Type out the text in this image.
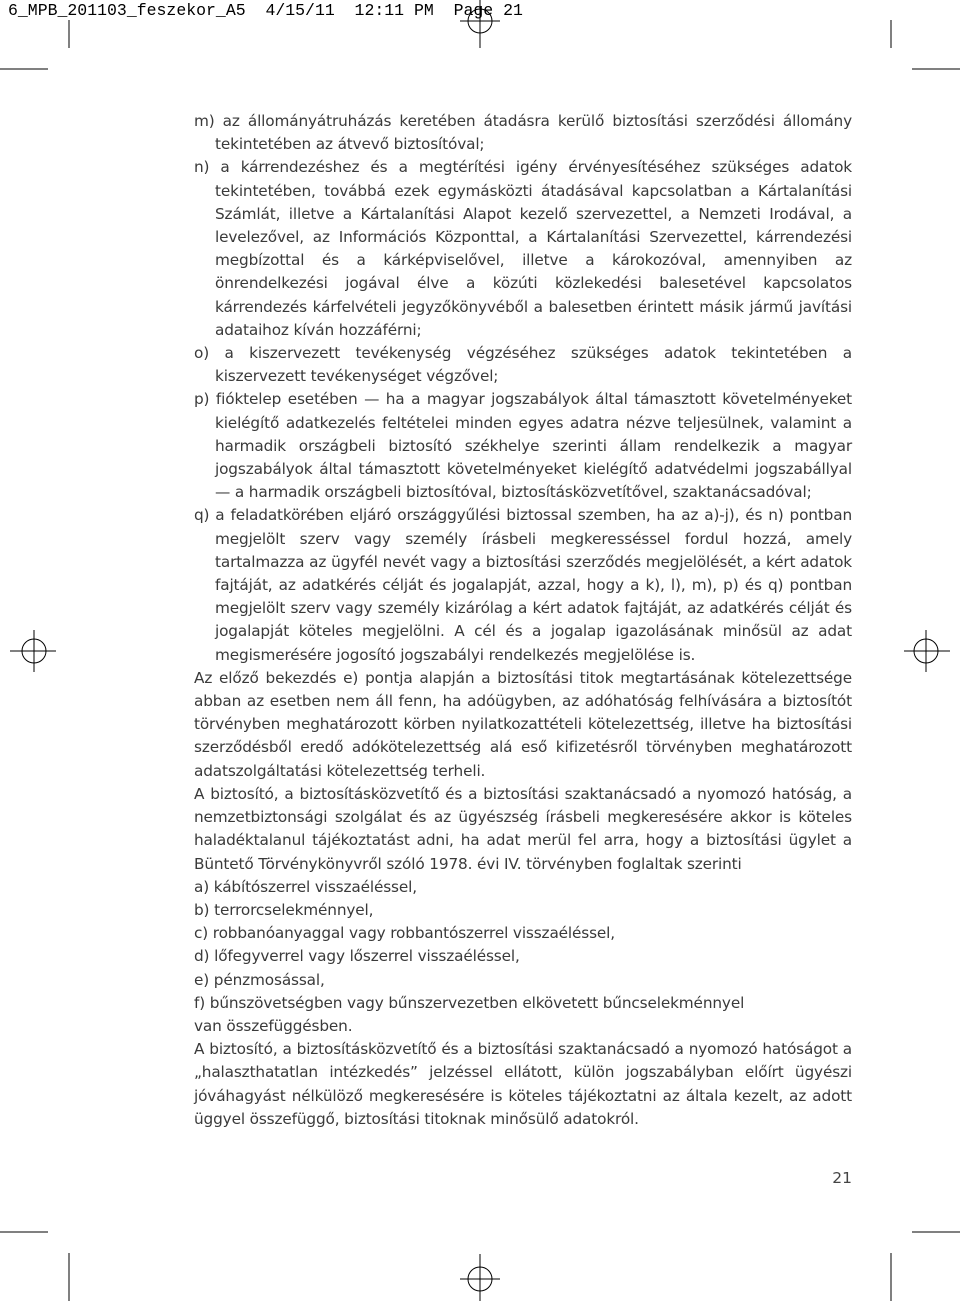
6_MPB_201103_feszekor_A5  4/15/11  12:11 PM  Page 21

m) az állományátruházás keretében átadásra kerülő biztosítási szerződési állomány tekintetében az átvevő biztosítóval;

n) a kárrendezéshez és a megtérítési igény érvényesítéséhez szükséges adatok tekintetében, továbbá ezek egymásközti átadásával kapcsolatban a Kártalanítási Számlát, illetve a Kártalanítási Alapot kezelő szervezettel, a Nemzeti Irodával, a levelezővel, az Információs Központtal, a Kártalanítási Szervezettel, kárrendezési megbízottal és a kárképviselővel, illetve a károkozóval, amennyiben az önrendelkezési jogával élve a közúti közlekedési balesetével kapcsolatos kárrendezés kárfelvételi jegyzőkönyvéből a balesetben érintett másik jármű javítási adataihoz kíván hozzáférni;

o) a kiszervezett tevékenység végzéséhez szükséges adatok tekintetében a kiszervezett tevékenységet végzővel;

p) fióktelep esetében — ha a magyar jogszabályok által támasztott követelményeket kielégítő adatkezelés feltételei minden egyes adatra nézve teljesülnek, valamint a harmadik országbeli biztosító székhelye szerinti állam rendelkezik a magyar jogszabályok által támasztott követelményeket kielégítő adatvédelmi jogszabállyal — a harmadik országbeli biztosítóval, biztosításközvetítővel, szaktanácsadóval;

q) a feladatkörében eljáró országgyűlési biztossal szemben, ha az a)-j), és n) pontban megjelölt szerv vagy személy írásbeli megkeresséssel fordul hozzá, amely tartalmazza az ügyfél nevét vagy a biztosítási szerződés megjelölését, a kért adatok fajtáját, az adatkérés célját és jogalapját, azzal, hogy a k), l), m), p) és q) pontban megjelölt szerv vagy személy kizárólag a kért adatok fajtáját, az adatkérés célját és jogalapját köteles megjelölni. A cél és a jogalap igazolásának minősül az adat megismerésére jogosító jogszabályi rendelkezés megjelölése is.

Az előző bekezdés e) pontja alapján a biztosítási titok megtartásának kötelezettsége abban az esetben nem áll fenn, ha adóügyben, az adóhatóság felhívására a biztosítót törvényben meghatározott körben nyilatkozattételi kötelezettség, illetve ha biztosítási szerződésből eredő adókötelezettség alá eső kifizetésről törvényben meghatározott adatszolgáltatási kötelezettség terheli.

A biztosító, a biztosításközvetítő és a biztosítási szaktanácsadó a nyomozó hatóság, a nemzetbiztonsági szolgálat és az ügyészség írásbeli megkeresésére akkor is köteles haladéktalanul tájékoztatást adni, ha adat merül fel arra, hogy a biztosítási ügylet a Büntető Törvénykönyvről szóló 1978. évi IV. törvényben foglaltak szerinti

a) kábítószerrel visszaéléssel,

b) terrorcselekménnyel,

c) robbanóanyaggal vagy robbantószerrel visszaéléssel,

d) lőfegyverrel vagy lőszerrel visszaéléssel,

e) pénzmosással,

f) bűnszövetségben vagy bűnszervezetben elkövetett bűncselekménnyel

van összefüggésben.

A biztosító, a biztosításközvetítő és a biztosítási szaktanácsadó a nyomozó hatóságot a „halaszthatatlan intézkedés” jelzéssel ellátott, külön jogszabályban előírt ügyészi jóváhagyást nélkülöző megkeresésére is köteles tájékoztatni az általa kezelt, az adott üggyel összefüggő, biztosítási titoknak minősülő adatokról.

21
